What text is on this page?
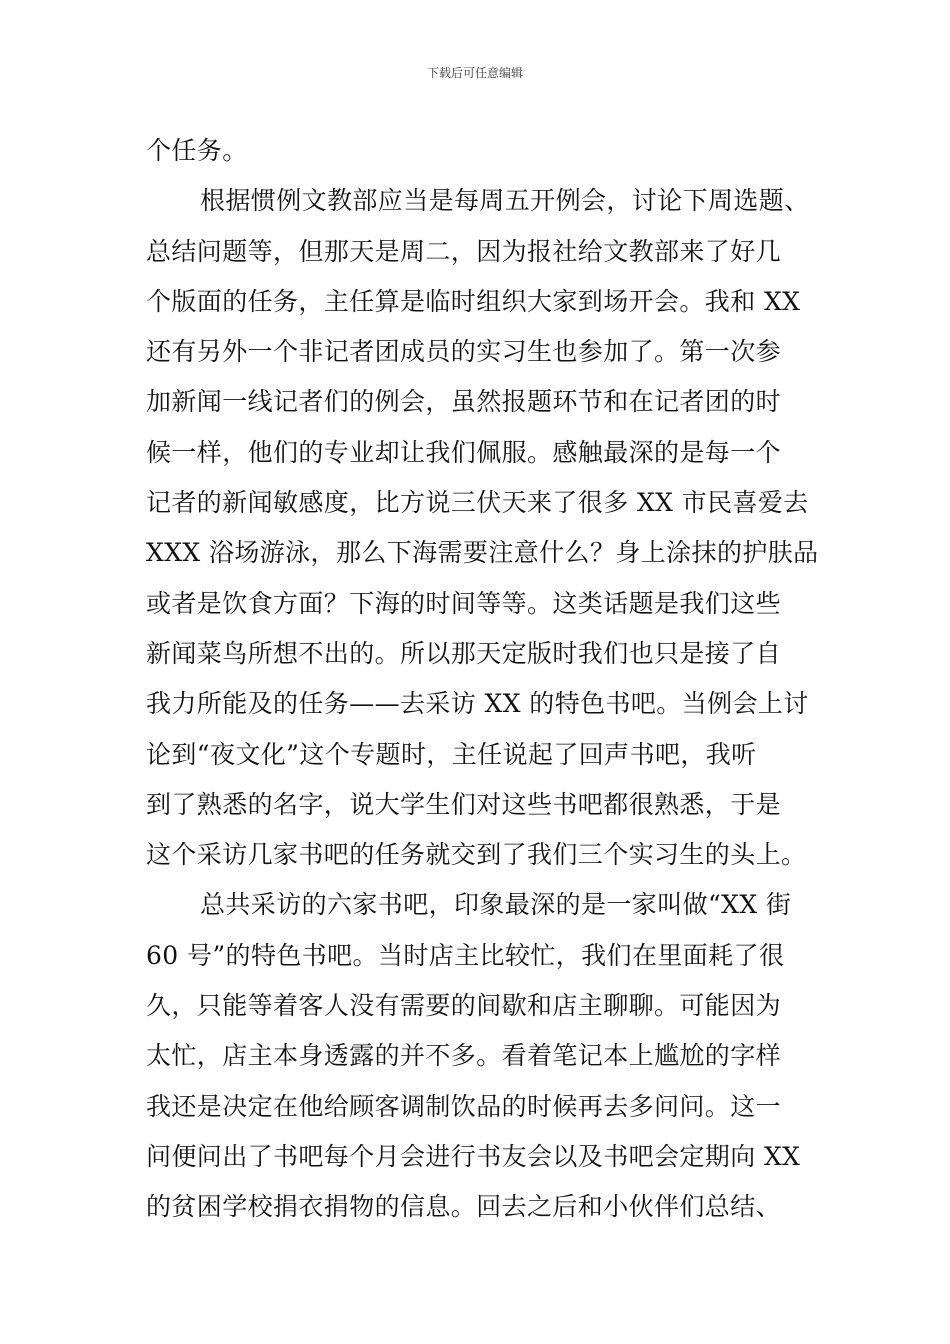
下载后可任意编辑
个任务。
根据惯例文教部应当是每周五开例会，讨论下周选题、
总结问题等，但那天是周二，因为报社给文教部来了好几
个版面的任务，主任算是临时组织大家到场开会。我和 XX
还有另外一个非记者团成员的实习生也参加了。第一次参
加新闻一线记者们的例会，虽然报题环节和在记者团的时
候一样，他们的专业却让我们佩服。感触最深的是每一个
记者的新闻敏感度，比方说三伏天来了很多 XX 市民喜爱去
XXX 浴场游泳，那么下海需要注意什么？身上涂抹的护肤品
或者是饮食方面？下海的时间等等。这类话题是我们这些
新闻菜鸟所想不出的。所以那天定版时我们也只是接了自
我力所能及的任务——去采访 XX 的特色书吧。当例会上讨
论到“夜文化”这个专题时，主任说起了回声书吧，我听
到了熟悉的名字，说大学生们对这些书吧都很熟悉，于是
这个采访几家书吧的任务就交到了我们三个实习生的头上。
总共采访的六家书吧，印象最深的是一家叫做“XX 街
60 号”的特色书吧。当时店主比较忙，我们在里面耗了很
久，只能等着客人没有需要的间歇和店主聊聊。可能因为
太忙，店主本身透露的并不多。看着笔记本上尴尬的字样
我还是决定在他给顾客调制饮品的时候再去多问问。这一
问便问出了书吧每个月会进行书友会以及书吧会定期向 XX
的贫困学校捐衣捐物的信息。回去之后和小伙伴们总结、
